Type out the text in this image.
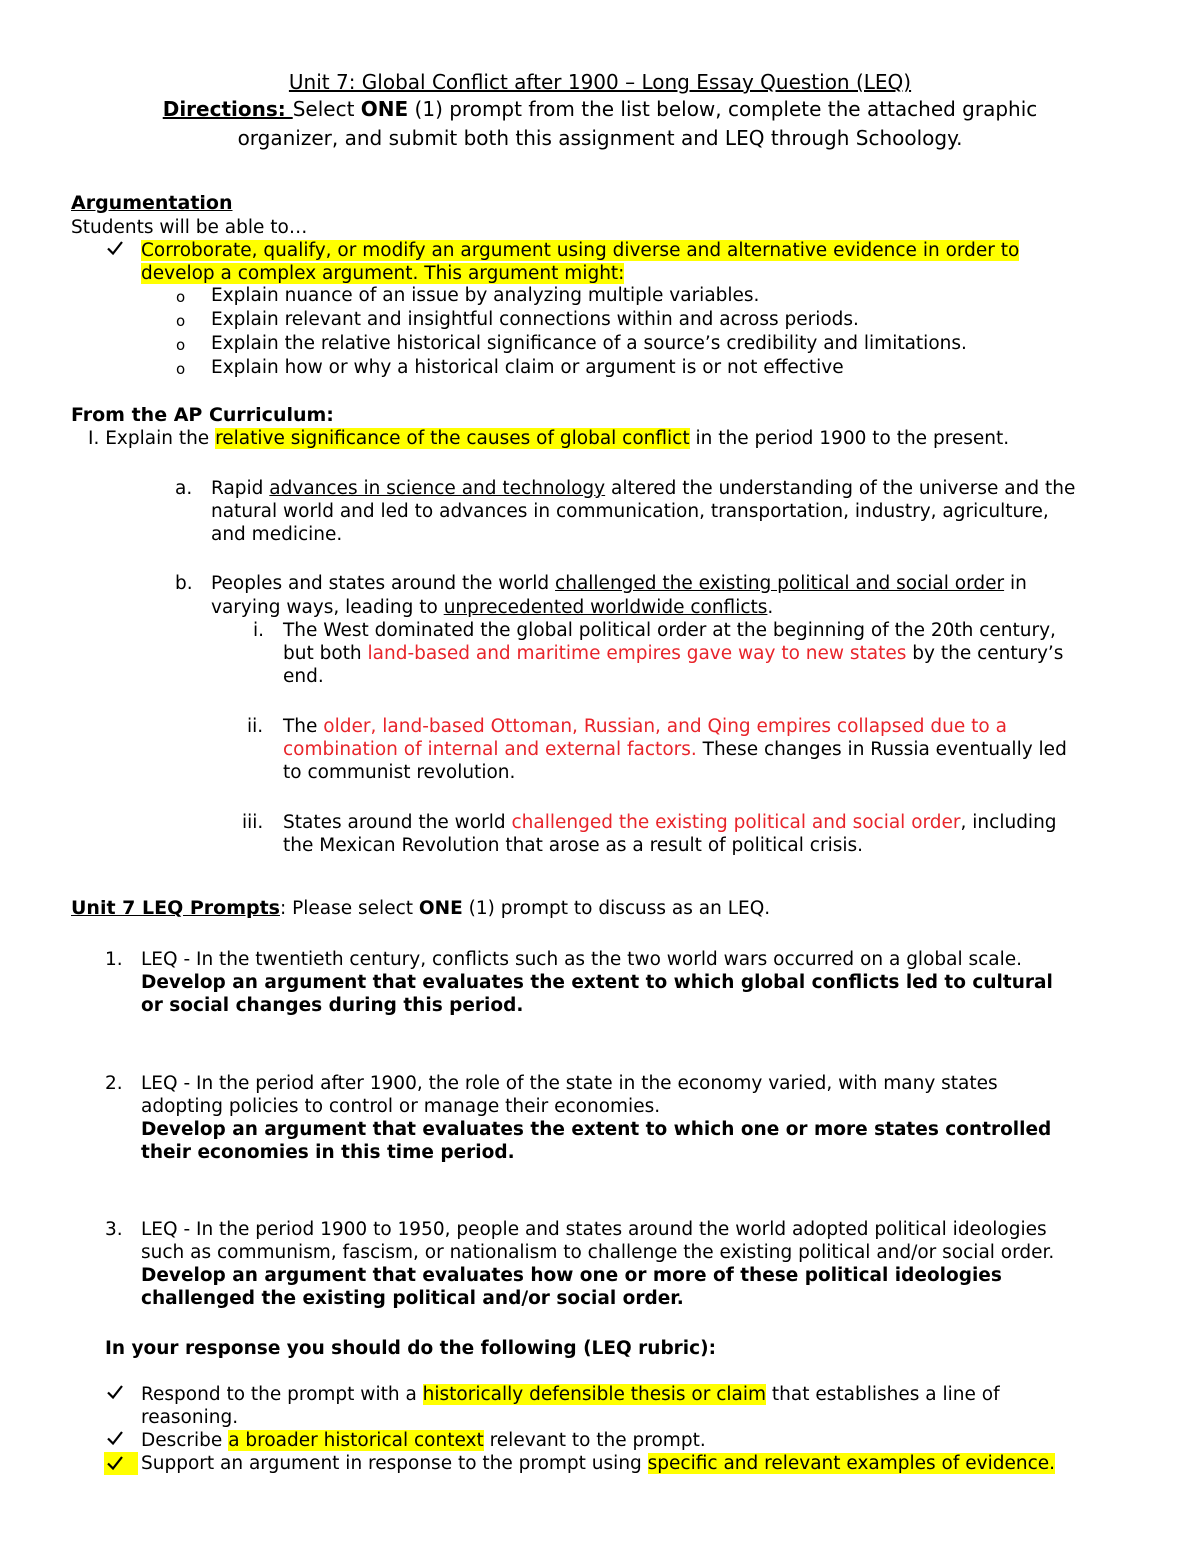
Unit 7: Global Conflict after 1900 – Long Essay Question (LEQ)
Directions: Select ONE (1) prompt from the list below, complete the attached graphic
organizer, and submit both this assignment and LEQ through Schoology.
Argumentation
Students will be able to…
Corroborate, qualify, or modify an argument using diverse and alternative evidence in order to
develop a complex argument. This argument might:
o Explain nuance of an issue by analyzing multiple variables.
o Explain relevant and insightful connections within and across periods.
o Explain the relative historical significance of a source’s credibility and limitations.
o Explain how or why a historical claim or argument is or not effective
From the AP Curriculum:
I. Explain the relative significance of the causes of global conflict in the period 1900 to the present.
a. Rapid advances in science and technology altered the understanding of the universe and the
natural world and led to advances in communication, transportation, industry, agriculture,
and medicine.
b. Peoples and states around the world challenged the existing political and social order in
varying ways, leading to unprecedented worldwide conflicts.
i. The West dominated the global political order at the beginning of the 20th century,
but both land-based and maritime empires gave way to new states by the century’s
end.
ii. The older, land-based Ottoman, Russian, and Qing empires collapsed due to a
combination of internal and external factors. These changes in Russia eventually led
to communist revolution.
iii. States around the world challenged the existing political and social order, including
the Mexican Revolution that arose as a result of political crisis.
Unit 7 LEQ Prompts: Please select ONE (1) prompt to discuss as an LEQ.
1. LEQ - In the twentieth century, conflicts such as the two world wars occurred on a global scale.
Develop an argument that evaluates the extent to which global conflicts led to cultural
or social changes during this period.
2. LEQ - In the period after 1900, the role of the state in the economy varied, with many states
adopting policies to control or manage their economies.
Develop an argument that evaluates the extent to which one or more states controlled
their economies in this time period.
3. LEQ - In the period 1900 to 1950, people and states around the world adopted political ideologies
such as communism, fascism, or nationalism to challenge the existing political and/or social order.
Develop an argument that evaluates how one or more of these political ideologies
challenged the existing political and/or social order.
In your response you should do the following (LEQ rubric):
Respond to the prompt with a historically defensible thesis or claim that establishes a line of
reasoning.
Describe a broader historical context relevant to the prompt.
Support an argument in response to the prompt using specific and relevant examples of evidence.
